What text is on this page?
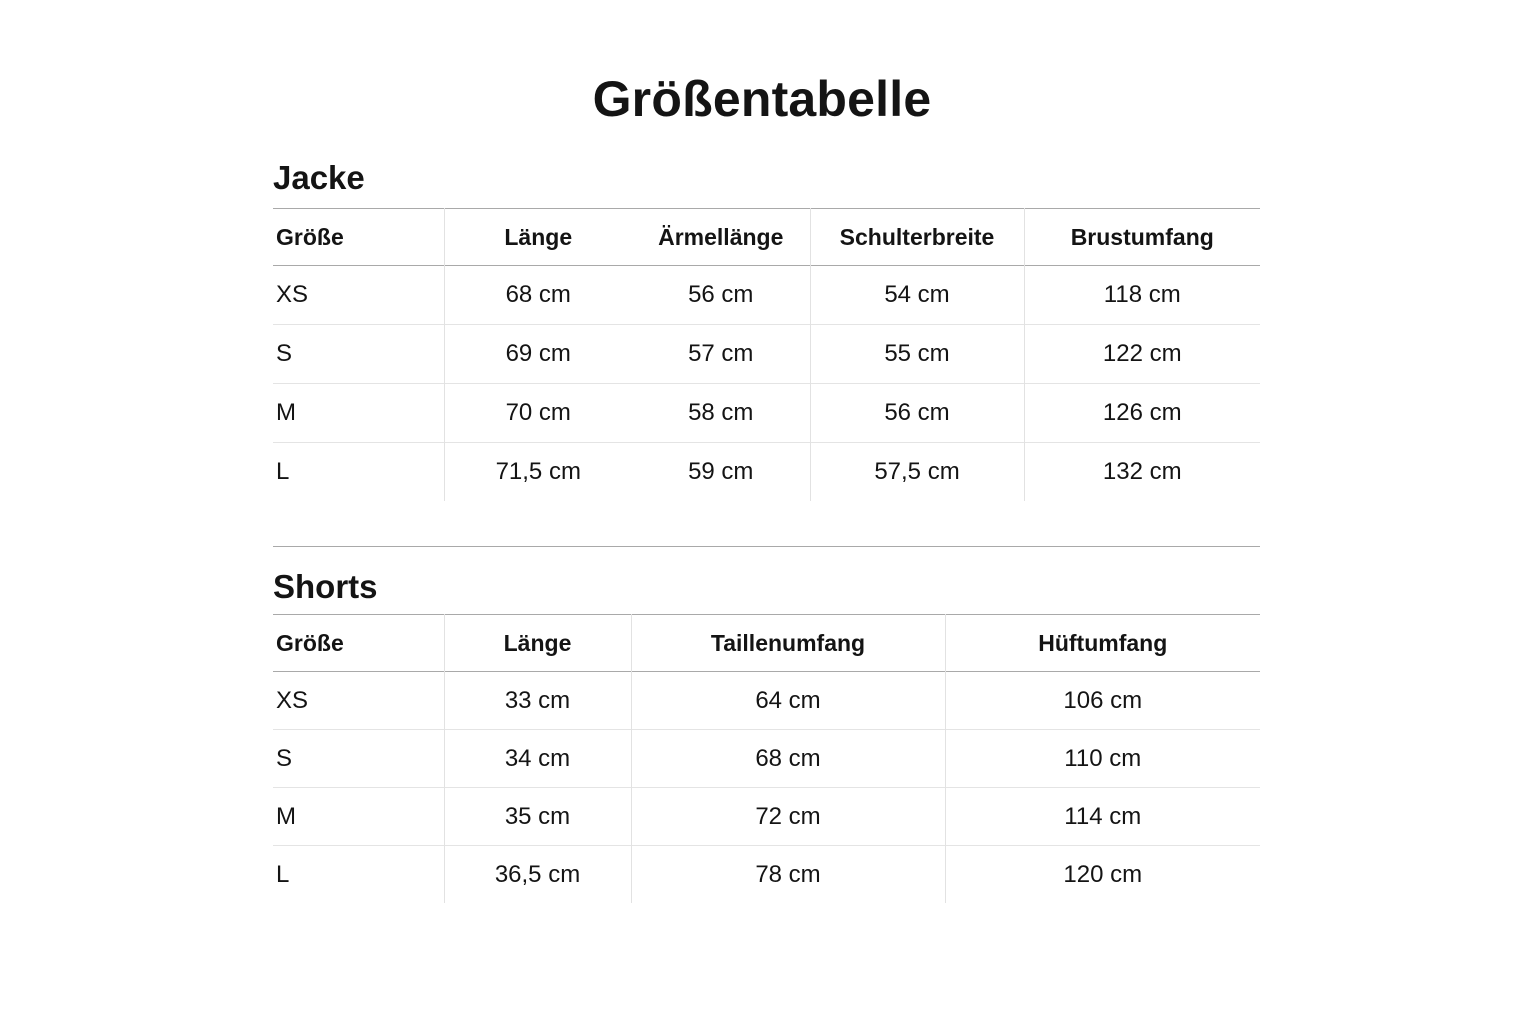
Größentabelle
Jacke
Größe	Länge	Ärmellänge	Schulterbreite	Brustumfang
XS	68 cm	56 cm	54 cm	118 cm
S	69 cm	57 cm	55 cm	122 cm
M	70 cm	58 cm	56 cm	126 cm
L	71,5 cm	59 cm	57,5 cm	132 cm
Shorts
Größe	Länge	Taillenumfang	Hüftumfang
XS	33 cm	64 cm	106 cm
S	34 cm	68 cm	110 cm
M	35 cm	72 cm	114 cm
L	36,5 cm	78 cm	120 cm
